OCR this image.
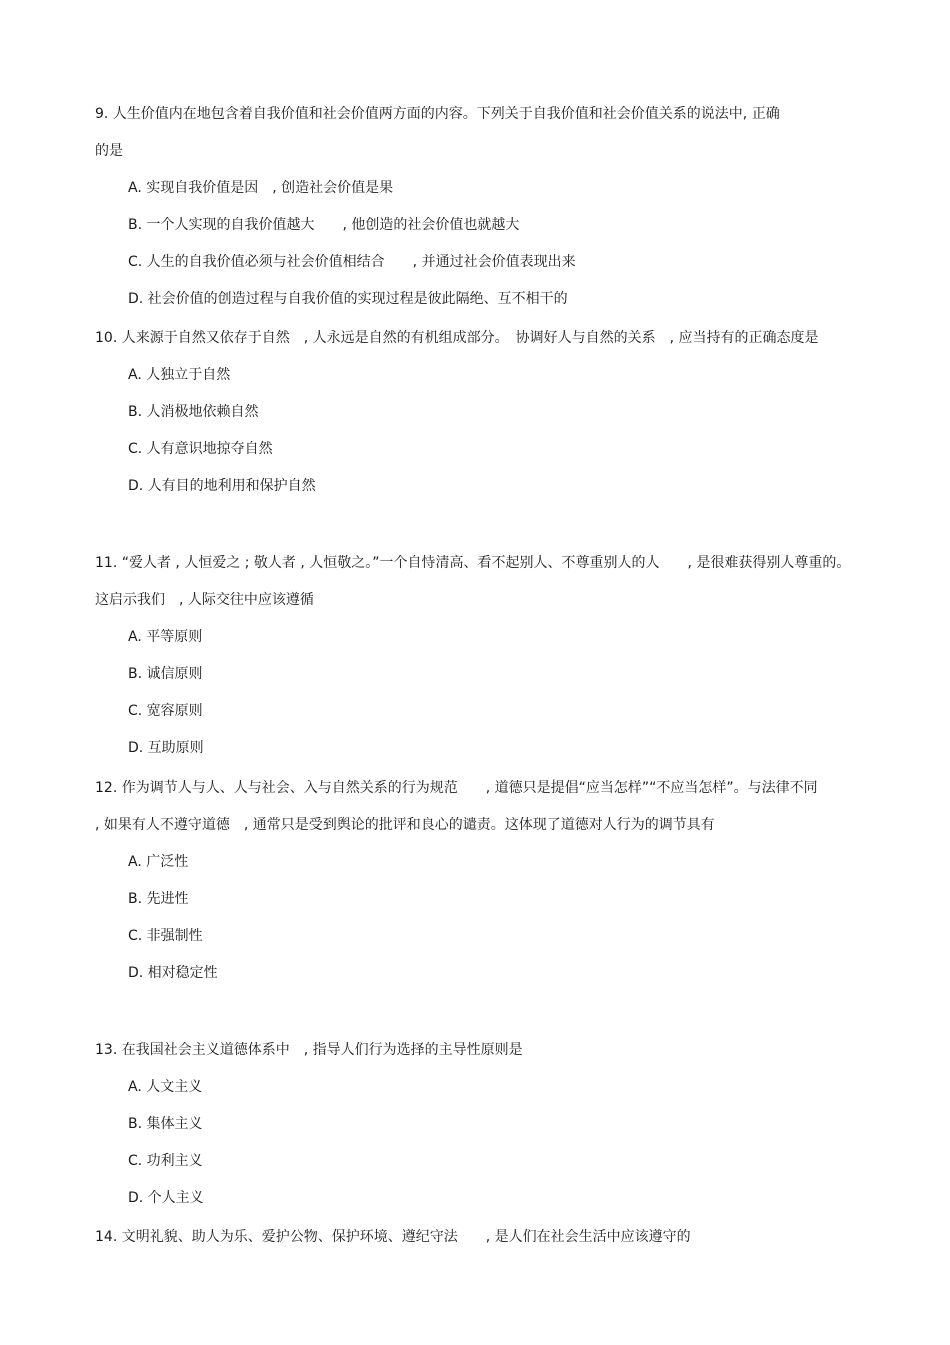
9. 人生价值内在地包含着自我价值和社会价值两方面的内容。下列关于自我价值和社会价值关系的说法中, 正确的是

A. 实现自我价值是因　, 创造社会价值是果

B. 一个人实现的自我价值越大　　, 他创造的社会价值也就越大

C. 人生的自我价值必须与社会价值相结合　　, 并通过社会价值表现出来

D. 社会价值的创造过程与自我价值的实现过程是彼此隔绝、互不相干的

10. 人来源于自然又依存于自然　, 人永远是自然的有机组成部分。　协调好人与自然的关系　, 应当持有的正确态度是

A. 人独立于自然

B. 人消极地依赖自然

C. 人有意识地掠夺自然

D. 人有目的地利用和保护自然

11. “爱人者 , 人恒爱之 ; 敬人者 , 人恒敬之。”一个自恃清高、看不起别人、不尊重别人的人　　, 是很难获得别人尊重的。这启示我们　, 人际交往中应该遵循

A. 平等原则

B. 诚信原则

C. 宽容原则

D. 互助原则

12. 作为调节人与人、人与社会、入与自然关系的行为规范　　, 道德只是提倡“应当怎样”“不应当怎样”。与法律不同 , 如果有人不遵守道德　, 通常只是受到舆论的批评和良心的谴责。这体现了道德对人行为的调节具有

A. 广泛性

B. 先进性

C. 非强制性

D. 相对稳定性

13. 在我国社会主义道德体系中　, 指导人们行为选择的主导性原则是

A. 人文主义

B. 集体主义

C. 功利主义

D. 个人主义

14. 文明礼貌、助人为乐、爱护公物、保护环境、遵纪守法　　, 是人们在社会生活中应该遵守的
